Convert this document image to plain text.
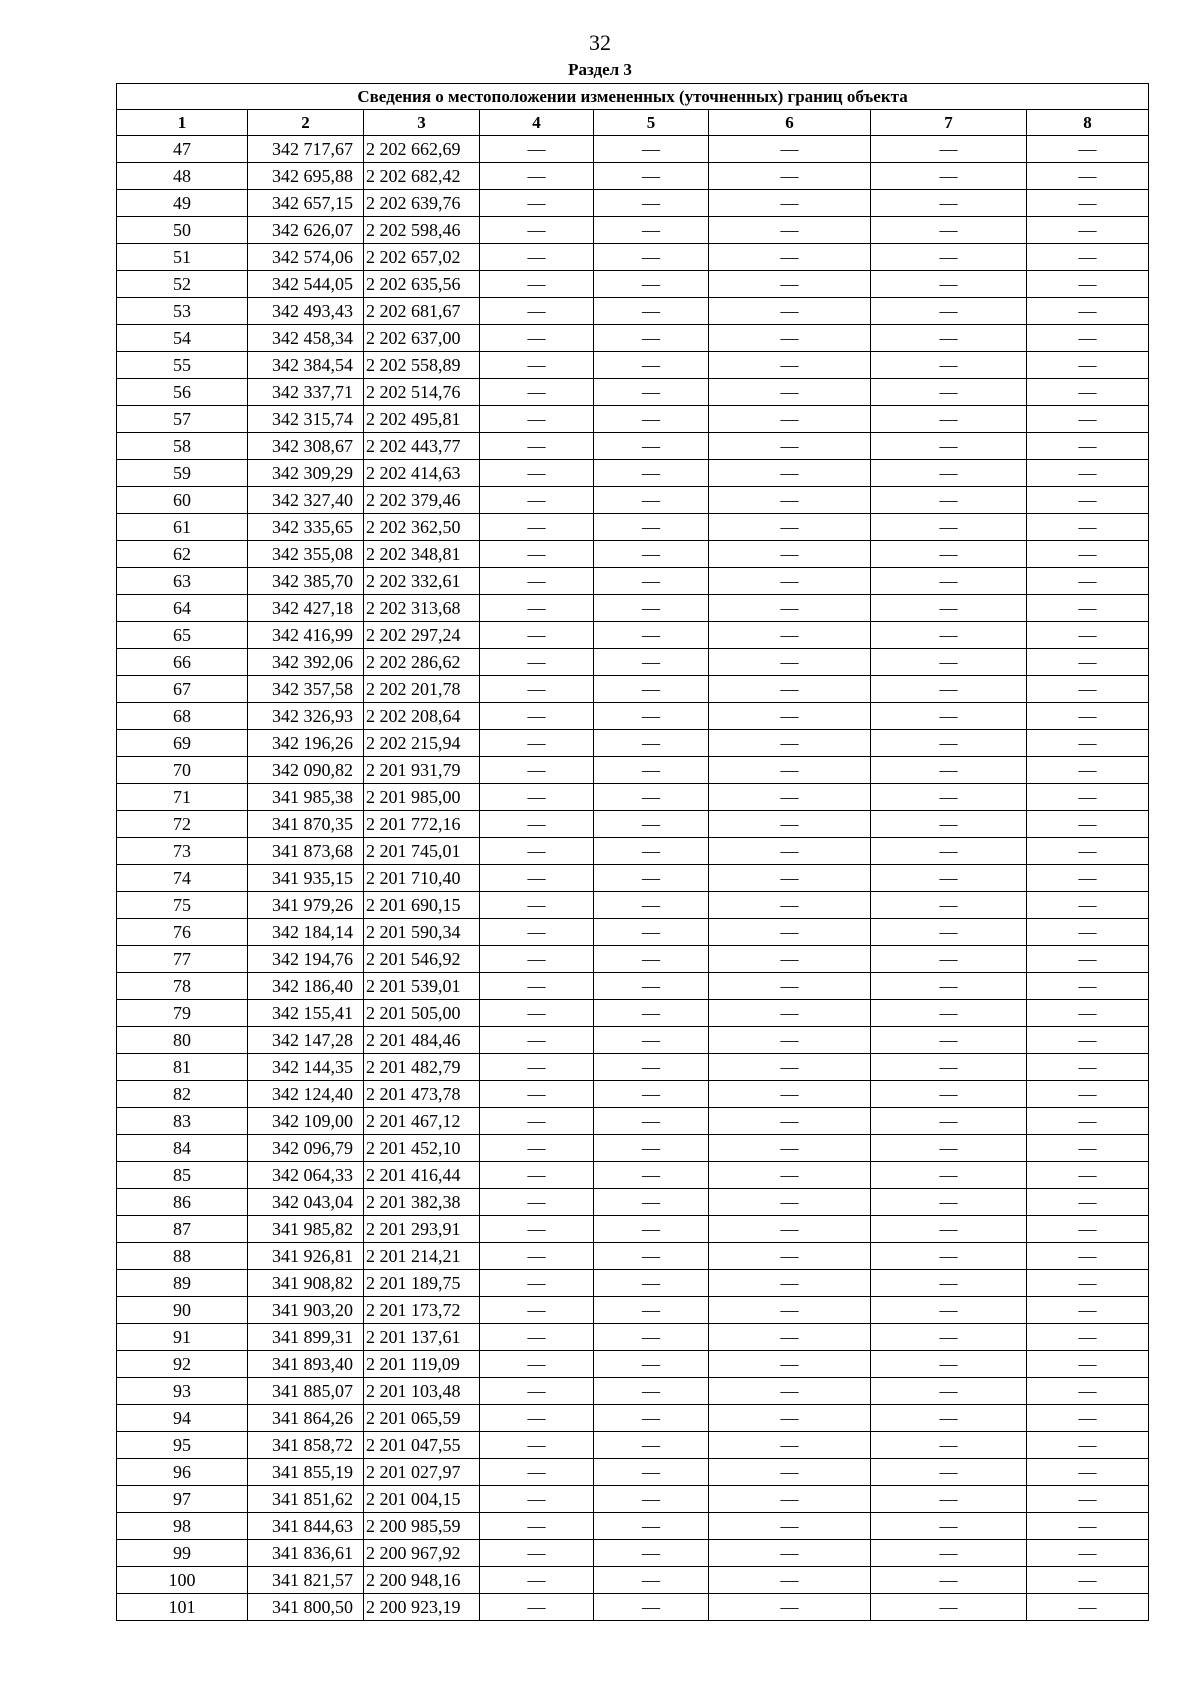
32
Раздел 3
Сведения о местоположении измененных (уточненных) границ объекта							
1	2	3	4	5	6	7	8
47	342 717,67	2 202 662,69	—	—	—	—	—
48	342 695,88	2 202 682,42	—	—	—	—	—
49	342 657,15	2 202 639,76	—	—	—	—	—
50	342 626,07	2 202 598,46	—	—	—	—	—
51	342 574,06	2 202 657,02	—	—	—	—	—
52	342 544,05	2 202 635,56	—	—	—	—	—
53	342 493,43	2 202 681,67	—	—	—	—	—
54	342 458,34	2 202 637,00	—	—	—	—	—
55	342 384,54	2 202 558,89	—	—	—	—	—
56	342 337,71	2 202 514,76	—	—	—	—	—
57	342 315,74	2 202 495,81	—	—	—	—	—
58	342 308,67	2 202 443,77	—	—	—	—	—
59	342 309,29	2 202 414,63	—	—	—	—	—
60	342 327,40	2 202 379,46	—	—	—	—	—
61	342 335,65	2 202 362,50	—	—	—	—	—
62	342 355,08	2 202 348,81	—	—	—	—	—
63	342 385,70	2 202 332,61	—	—	—	—	—
64	342 427,18	2 202 313,68	—	—	—	—	—
65	342 416,99	2 202 297,24	—	—	—	—	—
66	342 392,06	2 202 286,62	—	—	—	—	—
67	342 357,58	2 202 201,78	—	—	—	—	—
68	342 326,93	2 202 208,64	—	—	—	—	—
69	342 196,26	2 202 215,94	—	—	—	—	—
70	342 090,82	2 201 931,79	—	—	—	—	—
71	341 985,38	2 201 985,00	—	—	—	—	—
72	341 870,35	2 201 772,16	—	—	—	—	—
73	341 873,68	2 201 745,01	—	—	—	—	—
74	341 935,15	2 201 710,40	—	—	—	—	—
75	341 979,26	2 201 690,15	—	—	—	—	—
76	342 184,14	2 201 590,34	—	—	—	—	—
77	342 194,76	2 201 546,92	—	—	—	—	—
78	342 186,40	2 201 539,01	—	—	—	—	—
79	342 155,41	2 201 505,00	—	—	—	—	—
80	342 147,28	2 201 484,46	—	—	—	—	—
81	342 144,35	2 201 482,79	—	—	—	—	—
82	342 124,40	2 201 473,78	—	—	—	—	—
83	342 109,00	2 201 467,12	—	—	—	—	—
84	342 096,79	2 201 452,10	—	—	—	—	—
85	342 064,33	2 201 416,44	—	—	—	—	—
86	342 043,04	2 201 382,38	—	—	—	—	—
87	341 985,82	2 201 293,91	—	—	—	—	—
88	341 926,81	2 201 214,21	—	—	—	—	—
89	341 908,82	2 201 189,75	—	—	—	—	—
90	341 903,20	2 201 173,72	—	—	—	—	—
91	341 899,31	2 201 137,61	—	—	—	—	—
92	341 893,40	2 201 119,09	—	—	—	—	—
93	341 885,07	2 201 103,48	—	—	—	—	—
94	341 864,26	2 201 065,59	—	—	—	—	—
95	341 858,72	2 201 047,55	—	—	—	—	—
96	341 855,19	2 201 027,97	—	—	—	—	—
97	341 851,62	2 201 004,15	—	—	—	—	—
98	341 844,63	2 200 985,59	—	—	—	—	—
99	341 836,61	2 200 967,92	—	—	—	—	—
100	341 821,57	2 200 948,16	—	—	—	—	—
101	341 800,50	2 200 923,19	—	—	—	—	—
